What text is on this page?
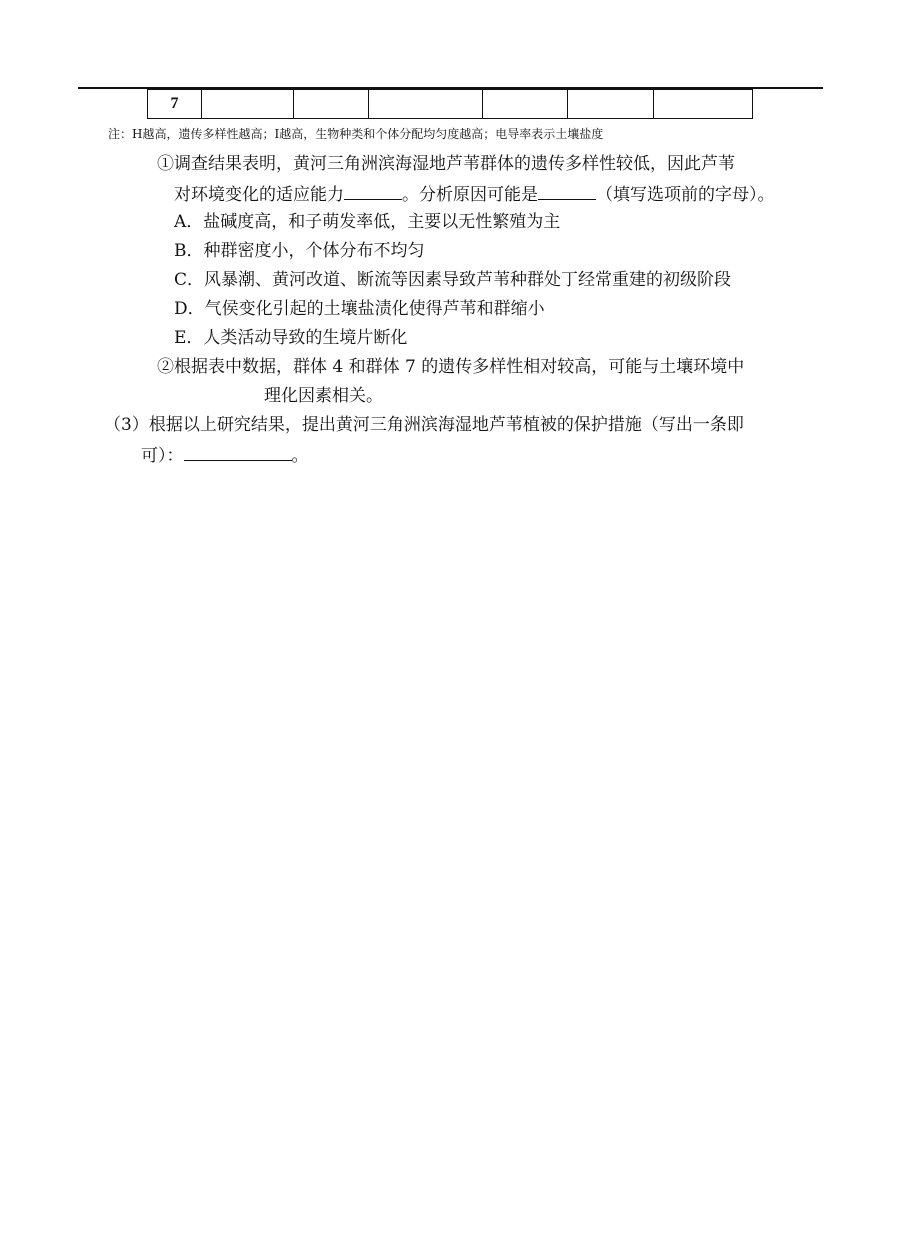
7						
注：H越高，遗传多样性越高；I越高，生物种类和个体分配均匀度越高；电导率表示土壤盐度
①调查结果表明，黄河三角洲滨海湿地芦苇群体的遗传多样性较低，因此芦苇
对环境变化的适应能力	。分析原因可能是	（填写选项前的字母）。
A．盐碱度高，和子萌发率低，主要以无性繁殖为主
B．种群密度小，个体分布不均匀
C．风暴潮、黄河改道、断流等因素导致芦苇种群处丁经常重建的初级阶段
D．气侯变化引起的土壤盐渍化使得芦苇和群缩小
E．人类活动导致的生境片断化
②根据表中数据，群体 4 和群体 7 的遗传多样性相对较高，可能与土壤环境中
理化因素相关。
（3）根据以上研究结果，提出黄河三角洲滨海湿地芦苇植被的保护措施（写出一条即
可）：	。
